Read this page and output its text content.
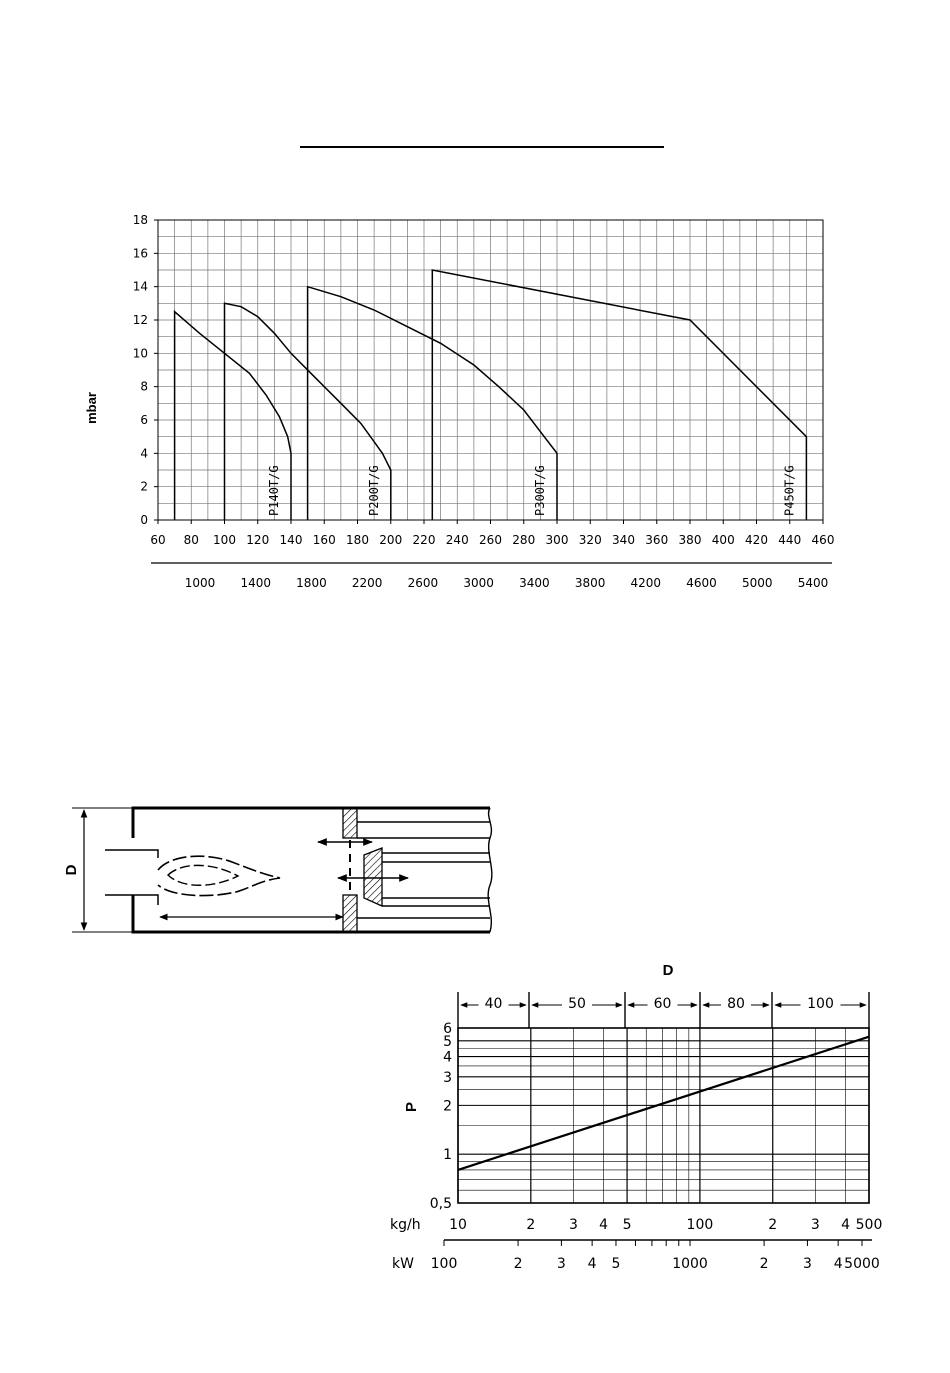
60 80 100 120 140 160 180 200 220 240 260 280 300 320 340 360 380 400 420 440 460
0
2
4
6
8
10
12
14
16
18
1000 1400 1800 2200 2600 3000 3400 3800 4200 4600 5000 5400
P140T/G	P200T/G	P300T/G	P450T/G
mbar
D
40	50	60	80	100
0,5
1
2
3
4
5
6
10	2 3 4 5	100	2 3 4 500
100	2 3 4 5	1000	2 3 4 5000
D
P
kg/h
kW
